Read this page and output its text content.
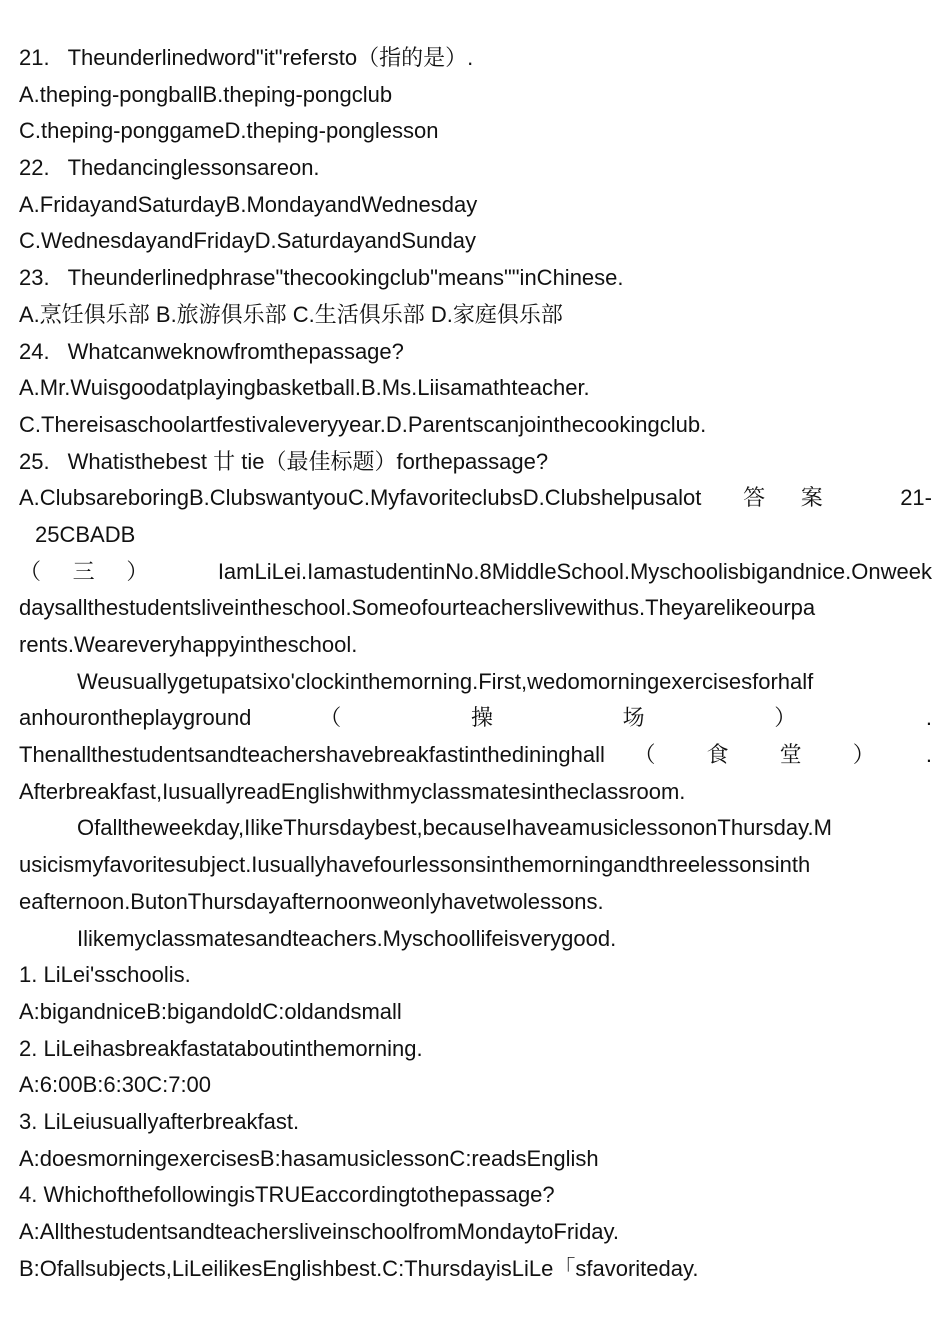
21. Theunderlinedword"it"refersto（指的是）.
A.theping-pongballB.theping-pongclub
C.theping-ponggameD.theping-ponglesson
22. Thedancinglessonsareon.
A.FridayandSaturdayB.MondayandWednesday
C.WednesdayandFridayD.SaturdayandSunday
23. Theunderlinedphrase"thecookingclub"means""inChinese.
A.烹饪俱乐部 B.旅游俱乐部 C.生活俱乐部 D.家庭俱乐部
24. Whatcanweknowfromthepassage?
A.Mr.Wuisgoodatplayingbasketball.B.Ms.Liisamathteacher.
C.Thereisaschoolartfestivaleveryyear.D.Parentscanjointhecookingclub.
25. Whatisthebest 廿 tie（最佳标题）forthepassage?
A.ClubsareboringB.ClubswantyouC.MyfavoriteclubsD.Clubshelpusalot 答案 21-
25CBADB
（三） IamLiLei.IamastudentinNo.8MiddleSchool.Myschoolisbigandnice.Onweek
daysallthestudentsliveintheschool.Someofourteacherslivewithus.Theyarelikeourpa
rents.Weareveryhappyintheschool.
Weusuallygetupatsixo'clockinthemorning.First,wedomorningexercisesforhalf
anhourontheplayground （ 操 场 ） .
Thenallthestudentsandteachershavebreakfastinthedininghall （ 食 堂 ） .
Afterbreakfast,IusuallyreadEnglishwithmyclassmatesintheclassroom.
Ofalltheweekday,IlikeThursdaybest,becauseIhaveamusiclessononThursday.M
usicismyfavoritesubject.Iusuallyhavefourlessonsinthemorningandthreelessonsinth
eafternoon.ButonThursdayafternoonweonlyhavetwolessons.
Ilikemyclassmatesandteachers.Myschoollifeisverygood.
1. LiLei'sschoolis.
A:bigandniceB:bigandoldC:oldandsmall
2. LiLeihasbreakfastataboutinthemorning.
A:6:00B:6:30C:7:00
3. LiLeiusuallyafterbreakfast.
A:doesmorningexercisesB:hasamusiclessonC:readsEnglish
4. WhichofthefollowingisTRUEaccordingtothepassage?
A:AllthestudentsandteachersliveinschoolfromMondaytoFriday.
B:Ofallsubjects,LiLeilikesEnglishbest.C:ThursdayisLiLe「sfavoriteday.
